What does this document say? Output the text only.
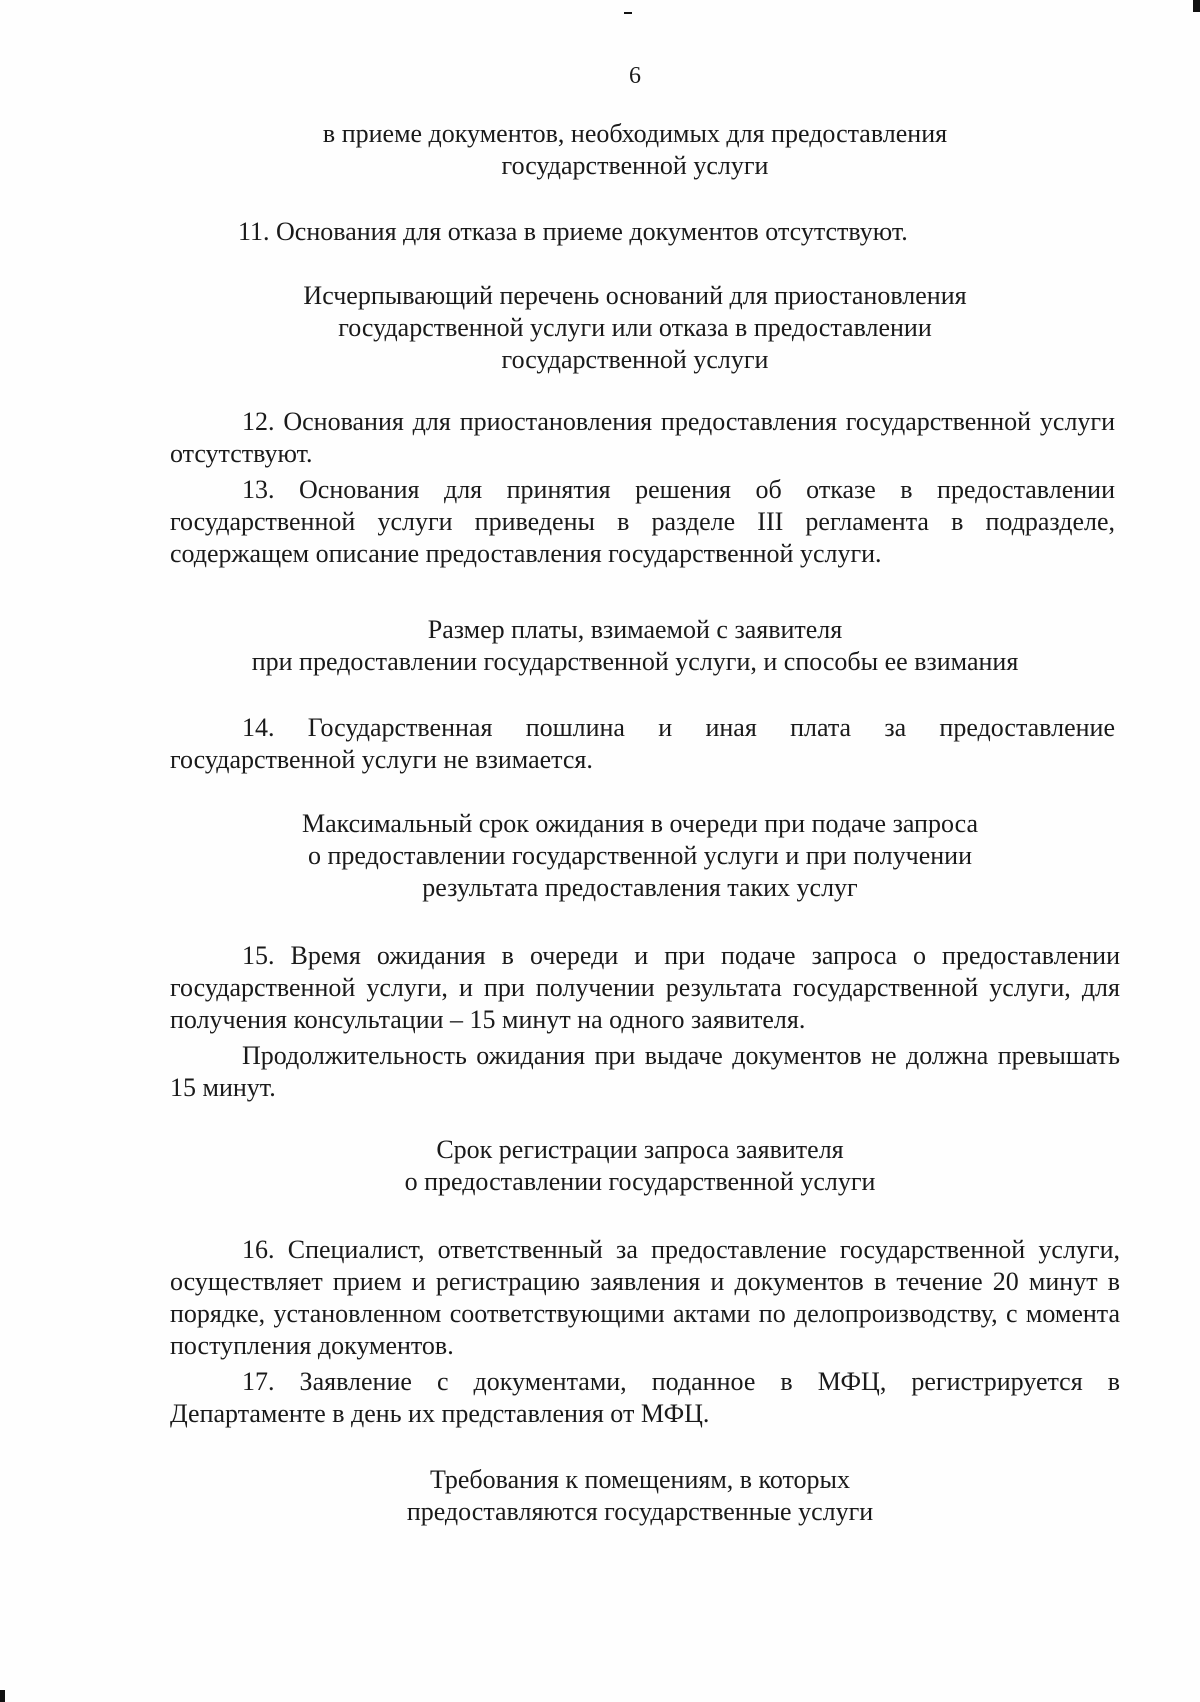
6
в приеме документов, необходимых для предоставления
государственной услуги
11. Основания для отказа в приеме документов отсутствуют.
Исчерпывающий перечень оснований для приостановления
государственной услуги или отказа в предоставлении
государственной услуги
12. Основания для приостановления предоставления государственной услуги отсутствуют.
13. Основания для принятия решения об отказе в предоставлении государственной услуги приведены в разделе III регламента в подразделе, содержащем описание предоставления государственной услуги.
Размер платы, взимаемой с заявителя
при предоставлении государственной услуги, и способы ее взимания
14. Государственная пошлина и иная плата за предоставление государственной услуги не взимается.
Максимальный срок ожидания в очереди при подаче запроса
о предоставлении государственной услуги и при получении
результата предоставления таких услуг
15. Время ожидания в очереди и при подаче запроса о предоставлении государственной услуги, и при получении результата государственной услуги, для получения консультации – 15 минут на одного заявителя.
Продолжительность ожидания при выдаче документов не должна превышать 15 минут.
Срок регистрации запроса заявителя
о предоставлении государственной услуги
16. Специалист, ответственный за предоставление государственной услуги, осуществляет прием и регистрацию заявления и документов в течение 20 минут в порядке, установленном соответствующими актами по делопроизводству, с момента поступления документов.
17. Заявление с документами, поданное в МФЦ, регистрируется в Департаменте в день их представления от МФЦ.
Требования к помещениям, в которых
предоставляются государственные услуги
